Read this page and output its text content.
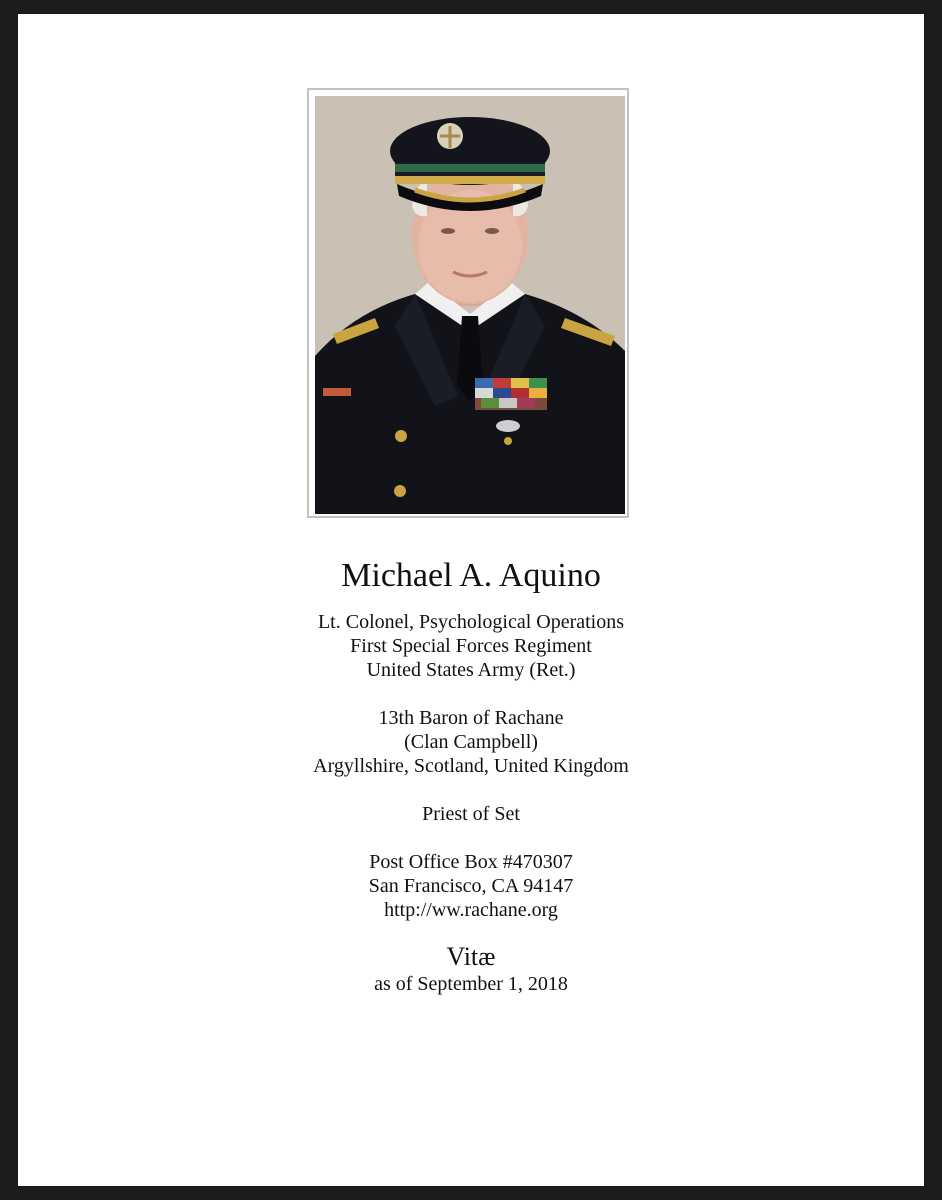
Michael A. Aquino
Lt. Colonel, Psychological Operations
First Special Forces Regiment
United States Army (Ret.)
13th Baron of Rachane
(Clan Campbell)
Argyllshire, Scotland, United Kingdom
Priest of Set
Post Office Box #470307
San Francisco, CA 94147
http://ww.rachane.org
Vitæ
as of September 1, 2018
